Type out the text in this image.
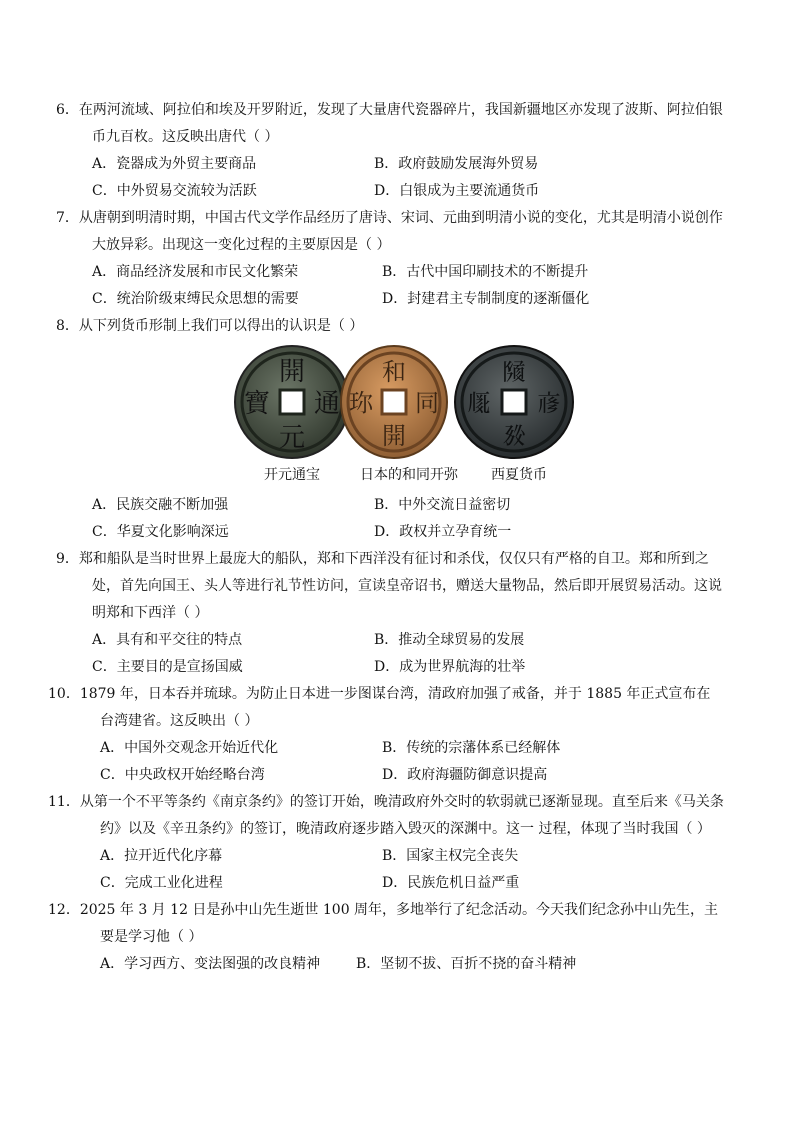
6．在两河流域、阿拉伯和埃及开罗附近，发现了大量唐代瓷器碎片，我国新疆地区亦发现了波斯、阿拉伯银币九百枚。这反映出唐代（ ）

A．瓷器成为外贸主要商品	B．政府鼓励发展海外贸易
C．中外贸易交流较为活跃	D．白银成为主要流通货币

7．从唐朝到明清时期，中国古代文学作品经历了唐诗、宋词、元曲到明清小说的变化，尤其是明清小说创作大放异彩。出现这一变化过程的主要原因是（ ）

A．商品经济发展和市民文化繁荣	B．古代中国印刷技术的不断提升
C．统治阶级束缚民众思想的需要	D．封建君主专制制度的逐渐僵化

8．从下列货币形制上我们可以得出的认识是（ ）

開
元
寶 通
和
開
珎 同
𗂧
𗉔
𗅲 𗇋
开元通宝	日本的和同开弥 西夏货币
A．民族交融不断加强	B．中外交流日益密切
C．华夏文化影响深远	D．政权并立孕育统一

9．郑和船队是当时世界上最庞大的船队，郑和下西洋没有征讨和杀伐，仅仅只有严格的自卫。郑和所到之处，首先向国王、头人等进行礼节性访问，宣读皇帝诏书，赠送大量物品，然后即开展贸易活动。这说明郑和下西洋（ ）

A．具有和平交往的特点	B．推动全球贸易的发展
C．主要目的是宣扬国威	D．成为世界航海的壮举

10．1879 年，日本吞并琉球。为防止日本进一步图谋台湾，清政府加强了戒备，并于 1885 年正式宣布在台湾建省。这反映出（ ）

A．中国外交观念开始近代化	B．传统的宗藩体系已经解体
C．中央政权开始经略台湾	D．政府海疆防御意识提高

11．从第一个不平等条约《南京条约》的签订开始，晚清政府外交时的软弱就已逐渐显现。直至后来《马关条约》以及《辛丑条约》的签订，晚清政府逐步踏入毁灭的深渊中。这一 过程，体现了当时我国（ ）

A．拉开近代化序幕	B．国家主权完全丧失
C．完成工业化进程	D．民族危机日益严重

12．2025 年 3 月 12 日是孙中山先生逝世 100 周年，多地举行了纪念活动。今天我们纪念孙中山先生，主要是学习他（ ）

A．学习西方、变法图强的改良精神	B．坚韧不拔、百折不挠的奋斗精神
